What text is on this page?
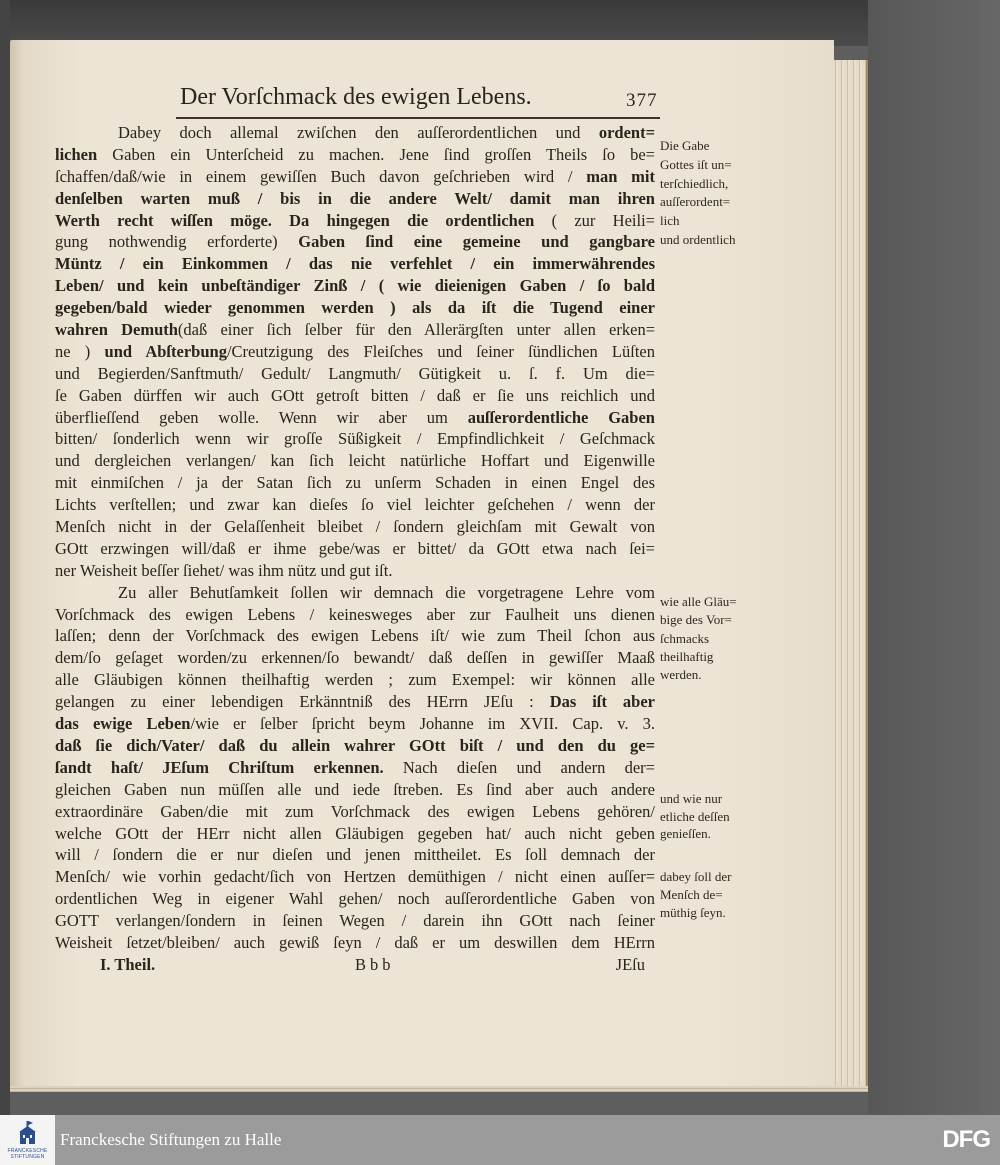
Der Vorſchmack des ewigen Lebens.	377
Dabey doch allemal zwiſchen den auſſerordentlichen und ordent=
lichen Gaben ein Unterſcheid zu machen. Jene ſind groſſen Theils ſo be=
ſchaffen/daß/wie in einem gewiſſen Buch davon geſchrieben wird / man mit
denſelben warten muß / bis in die andere Welt/ damit man ihren
Werth recht wiſſen möge. Da hingegen die ordentlichen ( zur Heili=
gung nothwendig erforderte) Gaben ſind eine gemeine und gangbare
Müntz / ein Einkommen / das nie verfehlet / ein immerwährendes
Leben/ und kein unbeſtändiger Zinß / ( wie dieienigen Gaben / ſo bald
gegeben/bald wieder genommen werden ) als da iſt die Tugend einer
wahren Demuth(daß einer ſich ſelber für den Allerärgſten unter allen erken=
ne ) und Abſterbung/Creutzigung des Fleiſches und ſeiner ſündlichen Lüſten
und Begierden/Sanftmuth/ Gedult/ Langmuth/ Gütigkeit u. ſ. f. Um die=
ſe Gaben dürffen wir auch GOtt getroſt bitten / daß er ſie uns reichlich und
überflieſſend geben wolle. Wenn wir aber um auſſerordentliche Gaben
bitten/ ſonderlich wenn wir groſſe Süßigkeit / Empfindlichkeit / Geſchmack
und dergleichen verlangen/ kan ſich leicht natürliche Hoffart und Eigenwille
mit einmiſchen / ja der Satan ſich zu unſerm Schaden in einen Engel des
Lichts verſtellen; und zwar kan dieſes ſo viel leichter geſchehen / wenn der
Menſch nicht in der Gelaſſenheit bleibet / ſondern gleichſam mit Gewalt von
GOtt erzwingen will/daß er ihme gebe/was er bittet/ da GOtt etwa nach ſei=
ner Weisheit beſſer ſiehet/ was ihm nütz und gut iſt.
Zu aller Behutſamkeit ſollen wir demnach die vorgetragene Lehre vom
Vorſchmack des ewigen Lebens / keinesweges aber zur Faulheit uns dienen
laſſen; denn der Vorſchmack des ewigen Lebens iſt/ wie zum Theil ſchon aus
dem/ſo geſaget worden/zu erkennen/ſo bewandt/ daß deſſen in gewiſſer Maaß
alle Gläubigen können theilhaftig werden ; zum Exempel: wir können alle
gelangen zu einer lebendigen Erkänntniß des HErrn JEſu : Das iſt aber
das ewige Leben/wie er ſelber ſpricht beym Johanne im XVII. Cap. v. 3.
daß ſie dich/Vater/ daß du allein wahrer GOtt biſt / und den du ge=
ſandt haſt/ JEſum Chriſtum erkennen. Nach dieſen und andern der=
gleichen Gaben nun müſſen alle und iede ſtreben. Es ſind aber auch andere
extraordinäre Gaben/die mit zum Vorſchmack des ewigen Lebens gehören/
welche GOtt der HErr nicht allen Gläubigen gegeben hat/ auch nicht geben
will / ſondern die er nur dieſen und jenen mittheilet. Es ſoll demnach der
Menſch/ wie vorhin gedacht/ſich von Hertzen demüthigen / nicht einen auſſer=
ordentlichen Weg in eigener Wahl gehen/ noch auſſerordentliche Gaben von
GOTT verlangen/ſondern in ſeinen Wegen / darein ihn GOtt nach ſeiner
Weisheit ſetzet/bleiben/ auch gewiß ſeyn / daß er um deswillen dem HErrn
I. Theil.	Bbb	JEſu
Die Gabe
Gottes iſt un=
terſchiedlich,
auſſerordent=
lich
und ordentlich
wie alle Gläu=
bige des Vor=
ſchmacks
theilhaftig
werden.
und wie nur
etliche deſſen
genieſſen.
dabey ſoll der
Menſch de=
müthig ſeyn.
FRANCKESCHE
STIFTUNGEN
Franckesche Stiftungen zu Halle	DFG
